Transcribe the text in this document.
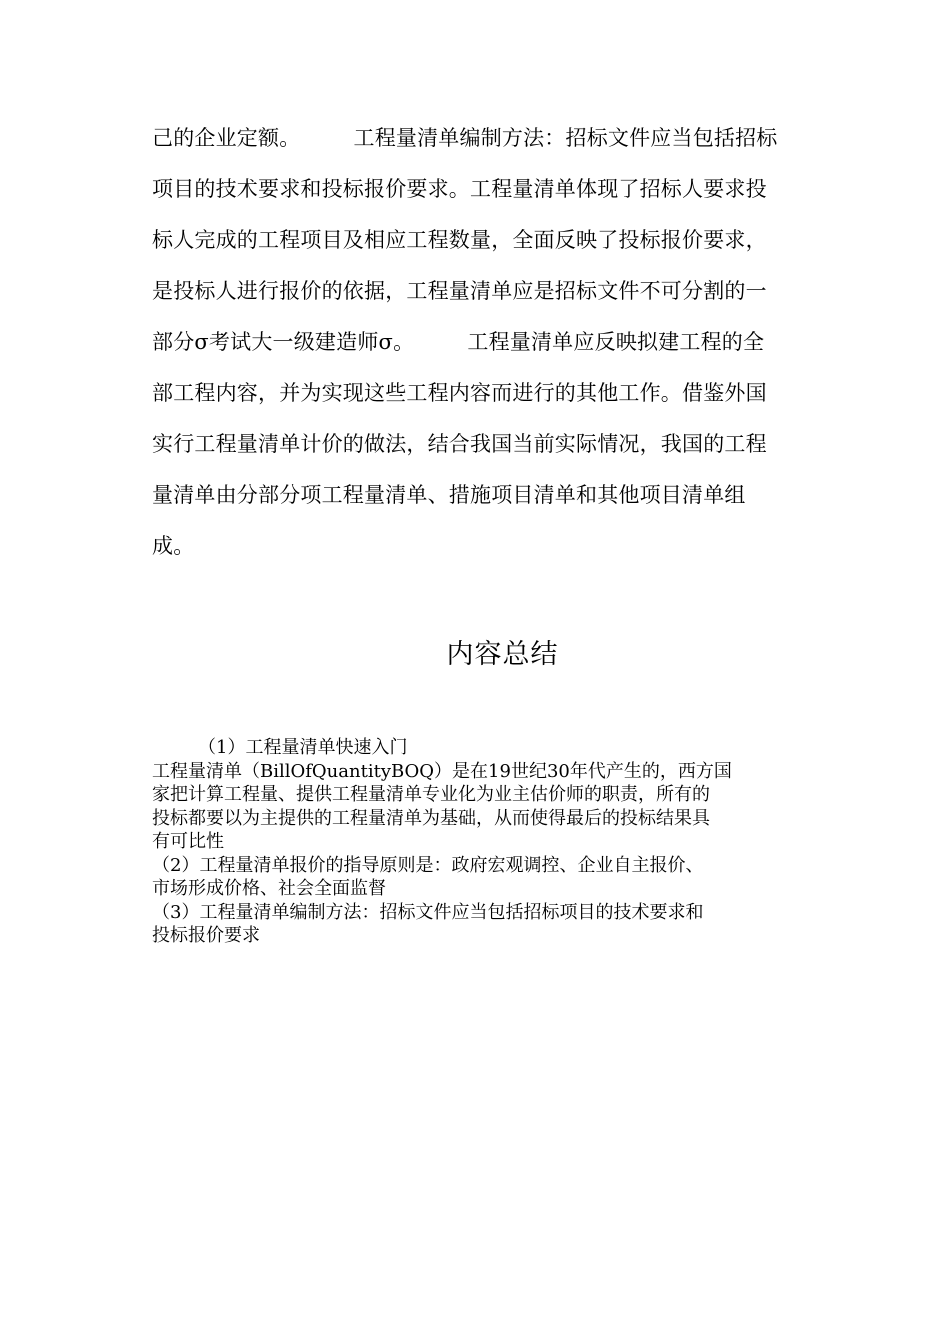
己的企业定额。　　　工程量清单编制方法：招标文件应当包括招标
项目的技术要求和投标报价要求。工程量清单体现了招标人要求投
标人完成的工程项目及相应工程数量，全面反映了投标报价要求，
是投标人进行报价的依据，工程量清单应是招标文件不可分割的一
部分σ考试大一级建造师σ。　　　工程量清单应反映拟建工程的全
部工程内容，并为实现这些工程内容而进行的其他工作。借鉴外国
实行工程量清单计价的做法，结合我国当前实际情况，我国的工程
量清单由分部分项工程量清单、措施项目清单和其他项目清单组
成。
内容总结
（1）工程量清单快速入门
工程量清单（BillOfQuantityBOQ）是在19世纪30年代产生的，西方国
家把计算工程量、提供工程量清单专业化为业主估价师的职责，所有的
投标都要以为主提供的工程量清单为基础，从而使得最后的投标结果具
有可比性
（2）工程量清单报价的指导原则是：政府宏观调控、企业自主报价、
市场形成价格、社会全面监督
（3）工程量清单编制方法：招标文件应当包括招标项目的技术要求和
投标报价要求
